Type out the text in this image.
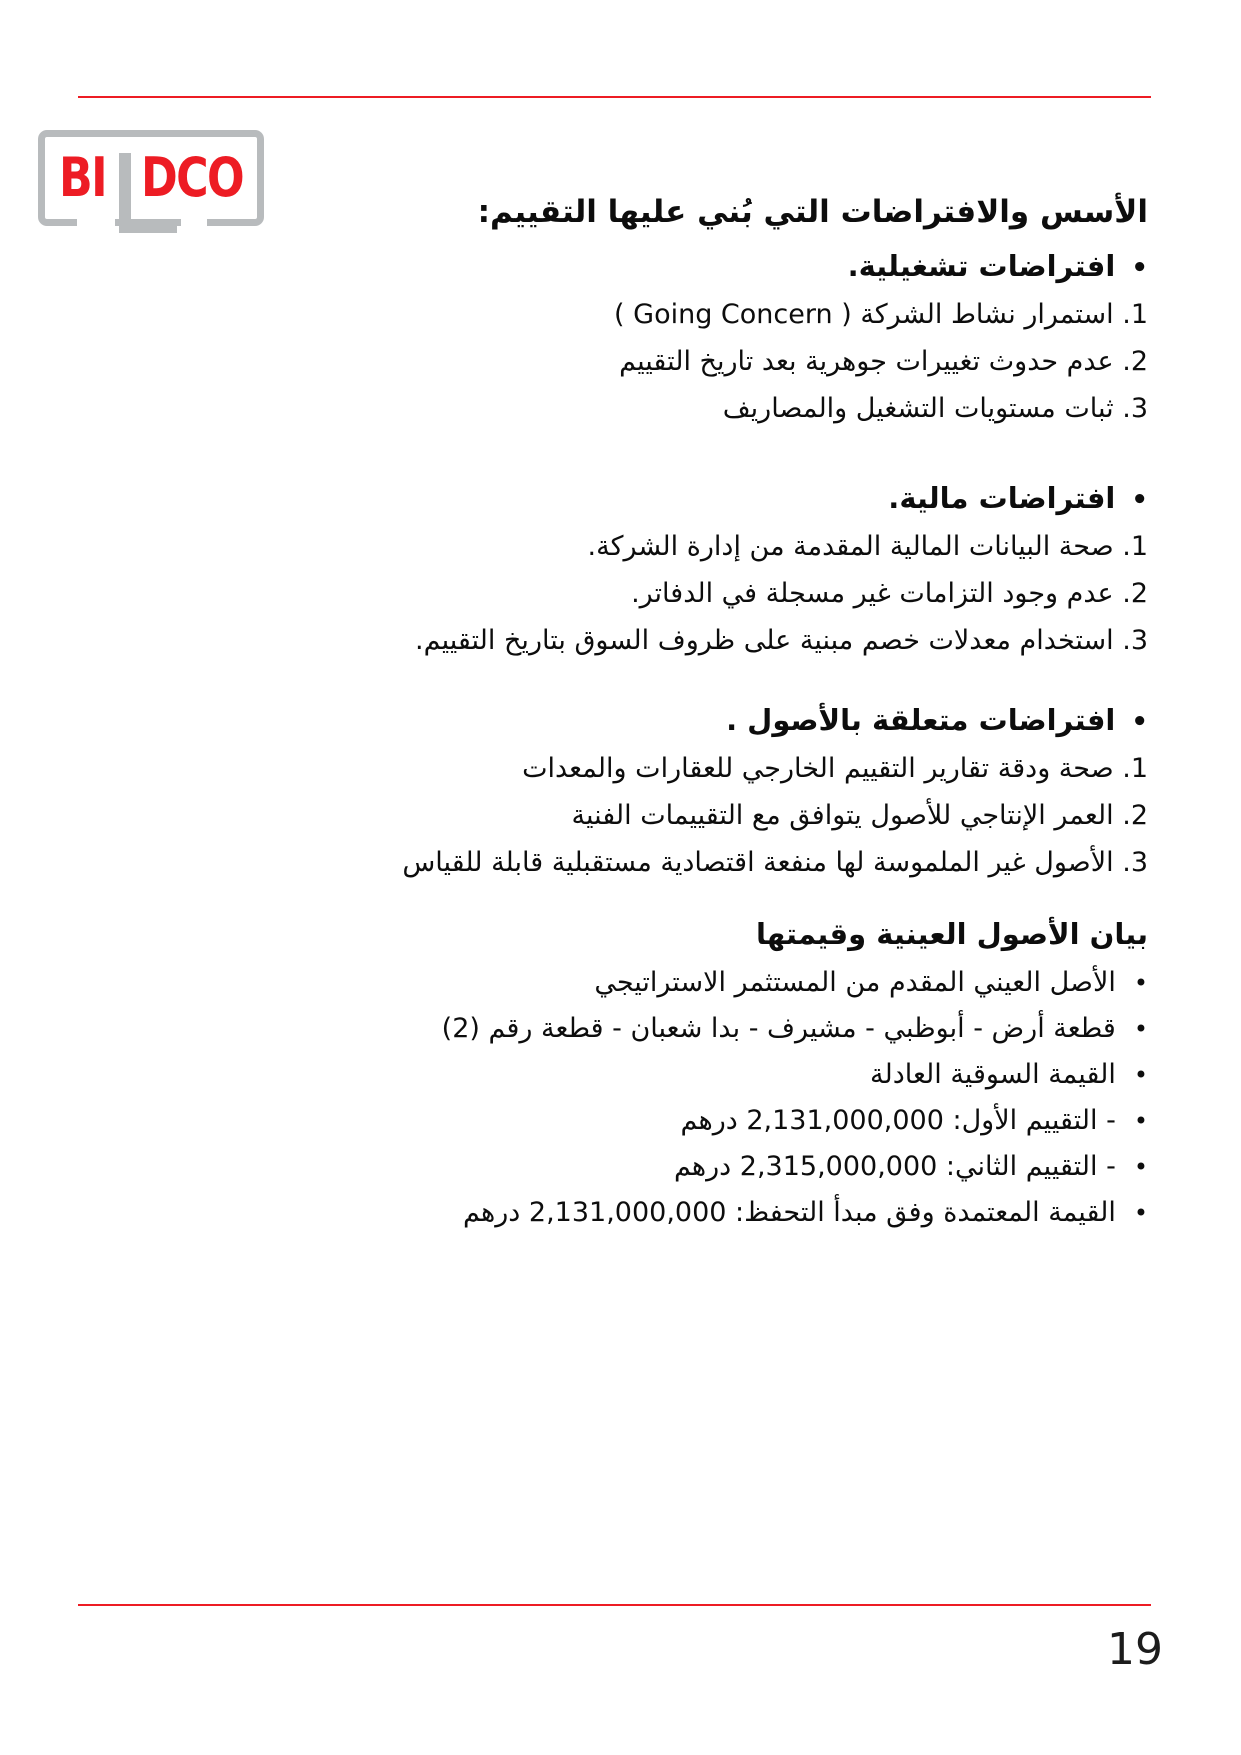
BI DCO
الأسس والافتراضات التي بُني عليها التقييم:
•افتراضات تشغيلية.
1. استمرار نشاط الشركة ( Going Concern )
2. عدم حدوث تغييرات جوهرية بعد تاريخ التقييم
3. ثبات مستويات التشغيل والمصاريف
•افتراضات مالية.
1. صحة البيانات المالية المقدمة من إدارة الشركة.
2. عدم وجود التزامات غير مسجلة في الدفاتر.
3. استخدام معدلات خصم مبنية على ظروف السوق بتاريخ التقييم.
•افتراضات متعلقة بالأصول .
1. صحة ودقة تقارير التقييم الخارجي للعقارات والمعدات
2. العمر الإنتاجي للأصول يتوافق مع التقييمات الفنية
3. الأصول غير الملموسة لها منفعة اقتصادية مستقبلية قابلة للقياس
بيان الأصول العينية وقيمتها
•الأصل العيني المقدم من المستثمر الاستراتيجي
•قطعة أرض - أبوظبي - مشيرف - بدا شعبان - قطعة رقم (2)
•القيمة السوقية العادلة
•- التقييم الأول: 2,131,000,000 درهم
•- التقييم الثاني: 2,315,000,000 درهم
•القيمة المعتمدة وفق مبدأ التحفظ: 2,131,000,000 درهم
19
